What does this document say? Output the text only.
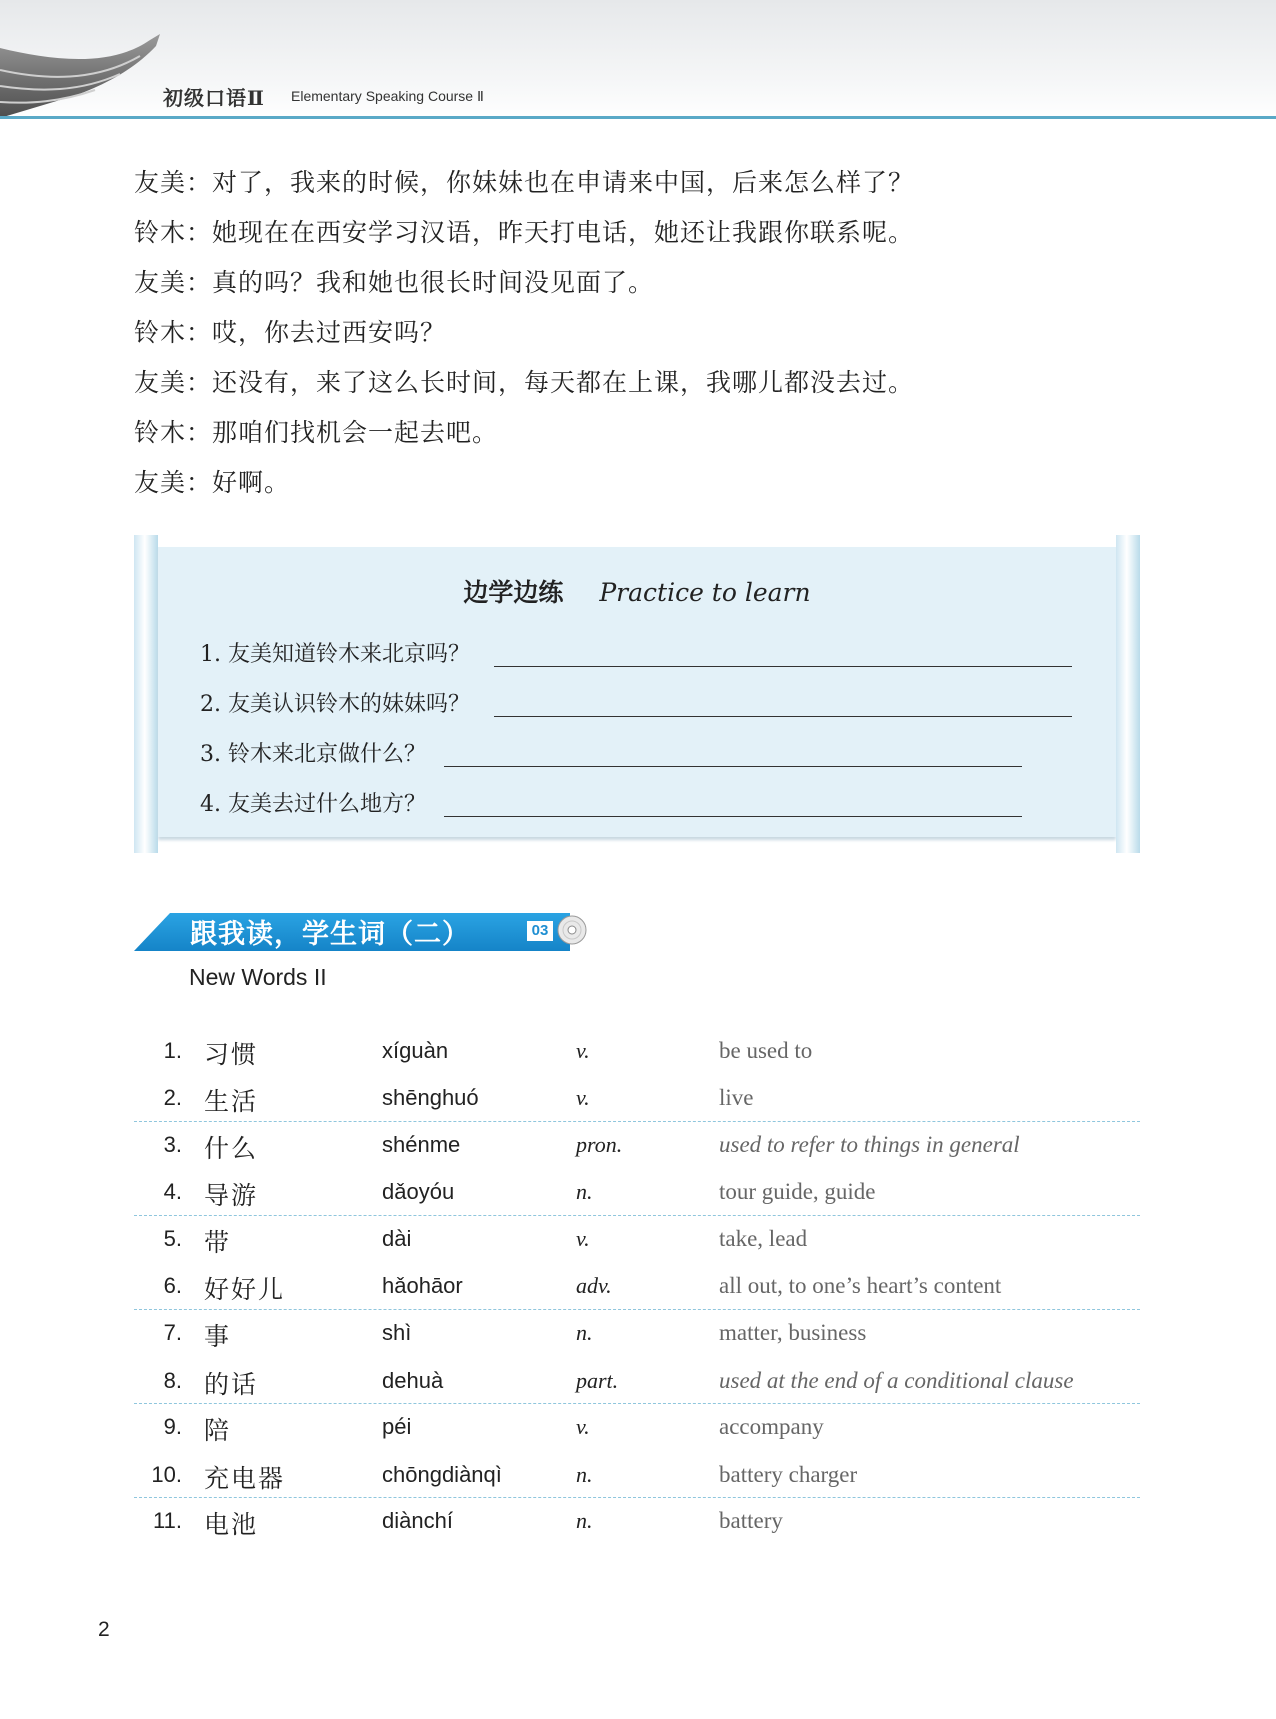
初级口语Ⅱ Elementary Speaking Course Ⅱ
友美：对了，我来的时候，你妹妹也在申请来中国，后来怎么样了？
铃木：她现在在西安学习汉语，昨天打电话，她还让我跟你联系呢。
友美：真的吗？我和她也很长时间没见面了。
铃木：哎，你去过西安吗？
友美：还没有，来了这么长时间，每天都在上课，我哪儿都没去过。
铃木：那咱们找机会一起去吧。
友美：好啊。
边学边练 Practice to learn
1. 友美知道铃木来北京吗？
2. 友美认识铃木的妹妹吗？
3. 铃木来北京做什么？
4. 友美去过什么地方？
跟我读，学生词（二）	03
New Words II
1. 习惯	xíguàn	v.	be used to
2. 生活	shēnghuó	v.	live
3. 什么	shénme	pron.	used to refer to things in general
4. 导游	dǎoyóu	n.	tour guide, guide
5. 带	dài	v.	take, lead
6. 好好儿	hǎohāor	adv.	all out, to one’s heart’s content
7. 事	shì	n.	matter, business
8. 的话	dehuà	part.	used at the end of a conditional clause
9. 陪	péi	v.	accompany
10. 充电器	chōngdiànqì	n.	battery charger
11. 电池	diànchí	n.	battery
2
